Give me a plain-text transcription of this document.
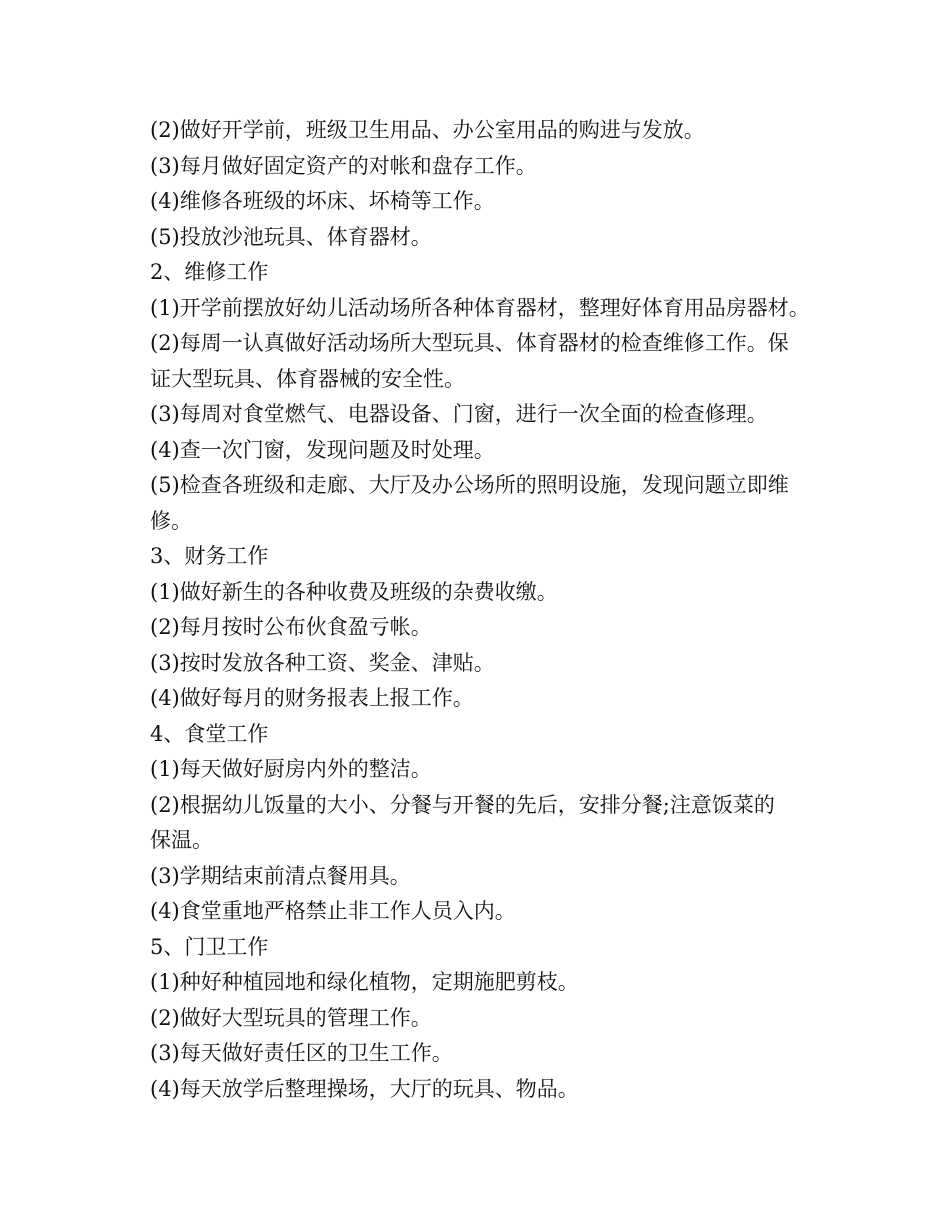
(2)做好开学前，班级卫生用品、办公室用品的购进与发放。

(3)每月做好固定资产的对帐和盘存工作。

(4)维修各班级的坏床、坏椅等工作。

(5)投放沙池玩具、体育器材。

2、维修工作

(1)开学前摆放好幼儿活动场所各种体育器材，整理好体育用品房器材。

(2)每周一认真做好活动场所大型玩具、体育器材的检查维修工作。保

证大型玩具、体育器械的安全性。

(3)每周对食堂燃气、电器设备、门窗，进行一次全面的检查修理。

(4)查一次门窗，发现问题及时处理。

(5)检查各班级和走廊、大厅及办公场所的照明设施，发现问题立即维

修。

3、财务工作

(1)做好新生的各种收费及班级的杂费收缴。

(2)每月按时公布伙食盈亏帐。

(3)按时发放各种工资、奖金、津贴。

(4)做好每月的财务报表上报工作。

4、食堂工作

(1)每天做好厨房内外的整洁。

(2)根据幼儿饭量的大小、分餐与开餐的先后，安排分餐;注意饭菜的

保温。

(3)学期结束前清点餐用具。

(4)食堂重地严格禁止非工作人员入内。

5、门卫工作

(1)种好种植园地和绿化植物，定期施肥剪枝。

(2)做好大型玩具的管理工作。

(3)每天做好责任区的卫生工作。

(4)每天放学后整理操场，大厅的玩具、物品。
